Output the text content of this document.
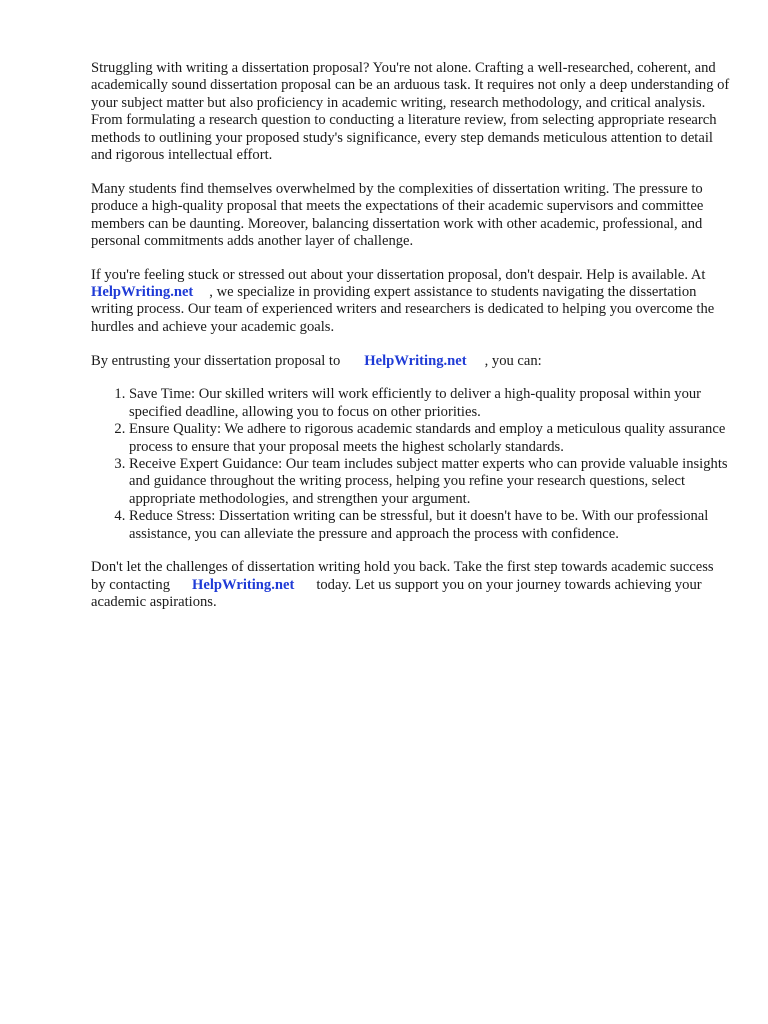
Struggling with writing a dissertation proposal? You're not alone. Crafting a well-researched, coherent, and academically sound dissertation proposal can be an arduous task. It requires not only a deep understanding of your subject matter but also proficiency in academic writing, research methodology, and critical analysis. From formulating a research question to conducting a literature review, from selecting appropriate research methods to outlining your proposed study's significance, every step demands meticulous attention to detail and rigorous intellectual effort.

Many students find themselves overwhelmed by the complexities of dissertation writing. The pressure to produce a high-quality proposal that meets the expectations of their academic supervisors and committee members can be daunting. Moreover, balancing dissertation work with other academic, professional, and personal commitments adds another layer of challenge.

If you're feeling stuck or stressed out about your dissertation proposal, don't despair. Help is available. AtHelpWriting.net , we specialize in providing expert assistance to students navigating the dissertation writing process. Our team of experienced writers and researchers is dedicated to helping you overcome the hurdles and achieve your academic goals.

By entrusting your dissertation proposal to HelpWriting.net , you can:

1. Save Time: Our skilled writers will work efficiently to deliver a high-quality proposal within your specified deadline, allowing you to focus on other priorities.
2. Ensure Quality: We adhere to rigorous academic standards and employ a meticulous quality assurance process to ensure that your proposal meets the highest scholarly standards.
3. Receive Expert Guidance: Our team includes subject matter experts who can provide valuable insights and guidance throughout the writing process, helping you refine your research questions, select appropriate methodologies, and strengthen your argument.
4. Reduce Stress: Dissertation writing can be stressful, but it doesn't have to be. With our professional assistance, you can alleviate the pressure and approach the process with confidence.

Don't let the challenges of dissertation writing hold you back. Take the first step towards academic success by contacting HelpWriting.net today. Let us support you on your journey towards achieving your academic aspirations.
